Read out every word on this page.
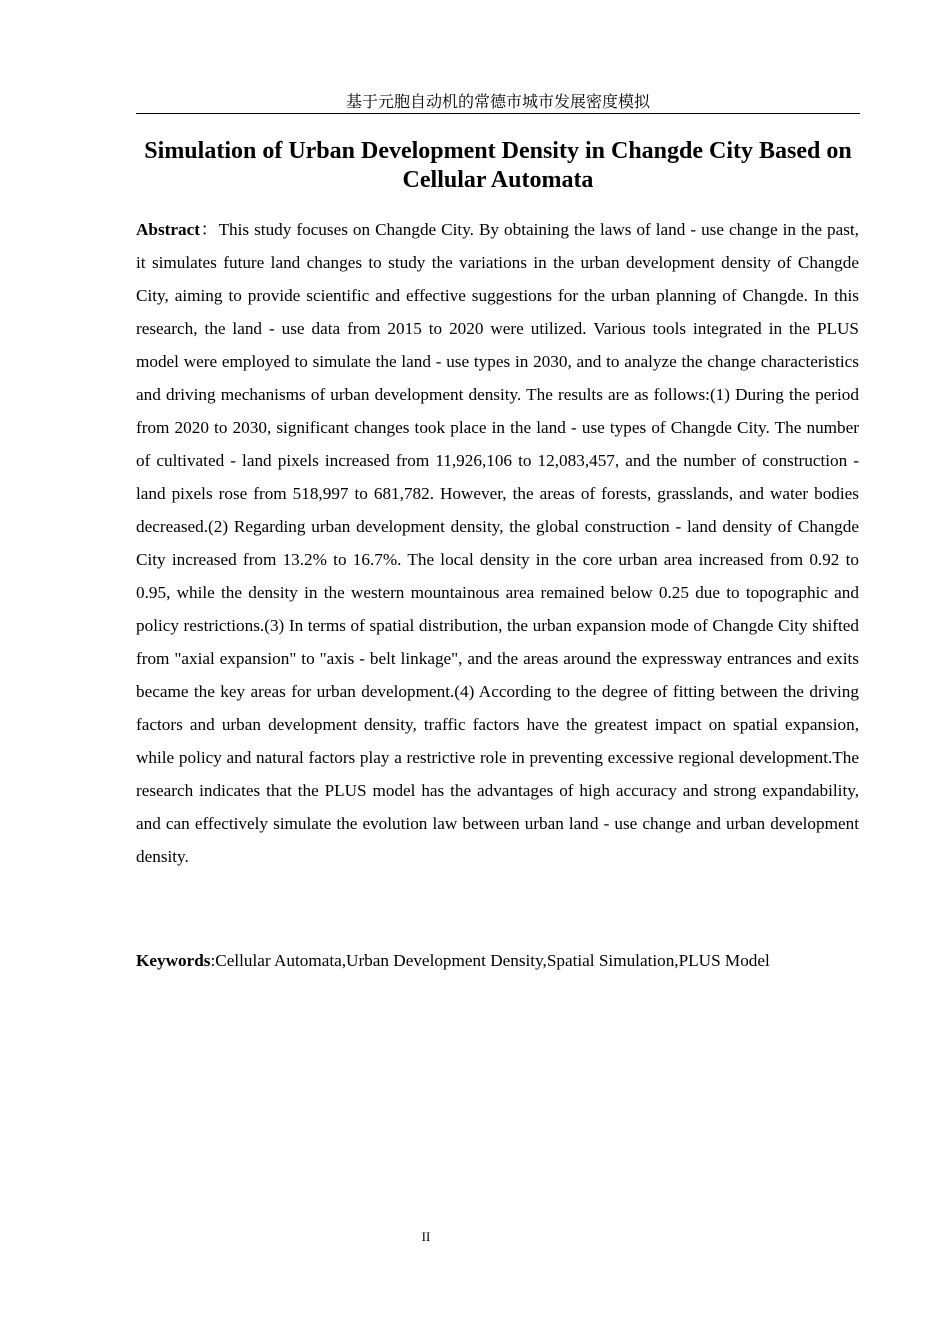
基于元胞自动机的常德市城市发展密度模拟
Simulation of Urban Development Density in Changde City Based on Cellular Automata

Abstract：This study focuses on Changde City. By obtaining the laws of land - use change in the past, it simulates future land changes to study the variations in the urban development density of Changde City, aiming to provide scientific and effective suggestions for the urban planning of Changde. In this research, the land - use data from 2015 to 2020 were utilized. Various tools integrated in the PLUS model were employed to simulate the land - use types in 2030, and to analyze the change characteristics and driving mechanisms of urban development density. The results are as follows:(1) During the period from 2020 to 2030, significant changes took place in the land - use types of Changde City. The number of cultivated - land pixels increased from 11,926,106 to 12,083,457, and the number of construction - land pixels rose from 518,997 to 681,782. However, the areas of forests, grasslands, and water bodies decreased.(2) Regarding urban development density, the global construction - land density of Changde City increased from 13.2% to 16.7%. The local density in the core urban area increased from 0.92 to 0.95, while the density in the western mountainous area remained below 0.25 due to topographic and policy restrictions.(3) In terms of spatial distribution, the urban expansion mode of Changde City shifted from "axial expansion" to "axis - belt linkage", and the areas around the expressway entrances and exits became the key areas for urban development.(4) According to the degree of fitting between the driving factors and urban development density, traffic factors have the greatest impact on spatial expansion, while policy and natural factors play a restrictive role in preventing excessive regional development.The research indicates that the PLUS model has the advantages of high accuracy and strong expandability, and can effectively simulate the evolution law between urban land - use change and urban development density.

Keywords:Cellular Automata,Urban Development Density,Spatial Simulation,PLUS Model

II
